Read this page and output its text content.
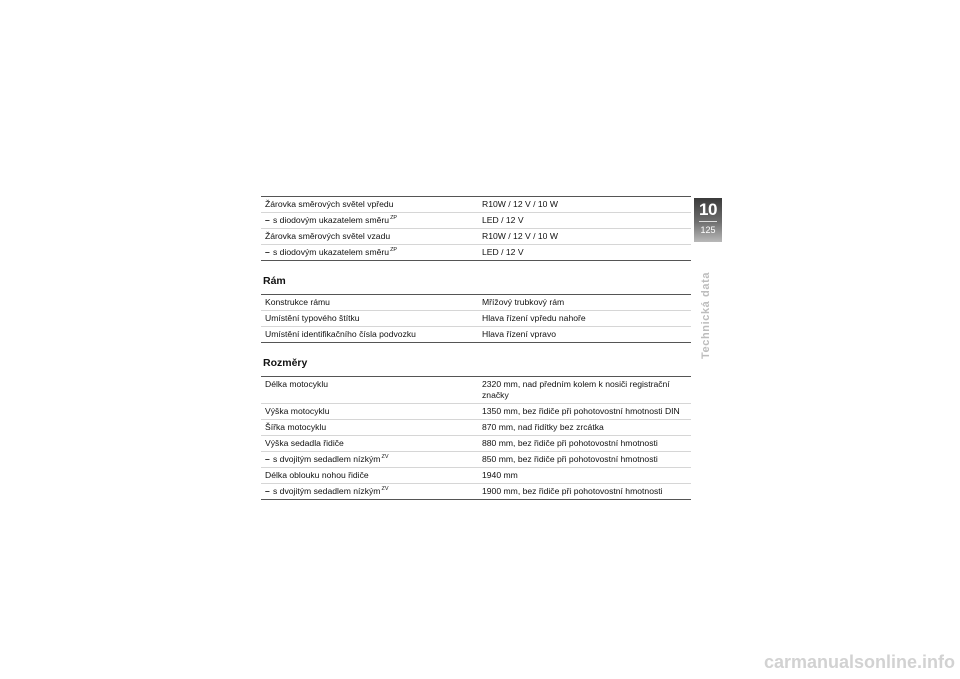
Žárovka směrových světel vpředu	R10W / 12 V / 10 W
– s diodovým ukazatelem směru$^{ZP}$	LED / 12 V
Žárovka směrových světel vzadu	R10W / 12 V / 10 W
– s diodovým ukazatelem směru$^{ZP}$	LED / 12 V
Rám
Konstrukce rámu	Mřížový trubkový rám
Umístění typového štítku	Hlava řízení vpředu nahoře
Umístění identifikačního čísla podvozku	Hlava řízení vpravo
Rozměry
Délka motocyklu	2320 mm, nad předním kolem k nosiči registrační značky
Výška motocyklu	1350 mm, bez řidiče při pohotovostní hmotnosti DIN
Šířka motocyklu	870 mm, nad řidítky bez zrcátka
Výška sedadla řidiče	880 mm, bez řidiče při pohotovostní hmotnosti
– s dvojitým sedadlem nízkým$^{ZV}$	850 mm, bez řidiče při pohotovostní hmotnosti
Délka oblouku nohou řidiče	1940 mm
– s dvojitým sedadlem nízkým$^{ZV}$	1900 mm, bez řidiče při pohotovostní hmotnosti
10
125
Technická data
carmanualsonline.info
